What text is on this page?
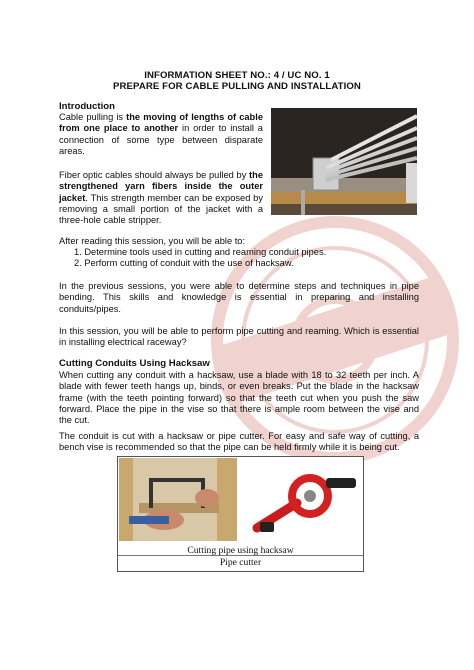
INFORMATION SHEET NO.: 4 / UC NO. 1
PREPARE FOR CABLE PULLING AND INSTALLATION
Introduction
Cable pulling is the moving of lengths of cable from one place to another in order to install a connection of some type between disparate areas.
Fiber optic cables should always be pulled by the strengthened yarn fibers inside the outer jacket. This strength member can be exposed by removing a small portion of the jacket with a three-hole cable stripper.
After reading this session, you will be able to:
1. Determine tools used in cutting and reaming conduit pipes.
2. Perform cutting of conduit with the use of hacksaw.
In the previous sessions, you were able to determine steps and techniques in pipe bending. This skills and knowledge is essential in preparing and installing conduits/pipes.
In this session, you will be able to perform pipe cutting and reaming. Which is essential in installing electrical raceway?
Cutting Conduits Using Hacksaw
When cutting any conduit with a hacksaw, use a blade with 18 to 32 teeth per inch. A blade with fewer teeth hangs up, binds, or even breaks. Put the blade in the hacksaw frame (with the teeth pointing forward) so that the teeth cut when you push the saw forward. Place the pipe in the vise so that there is ample room between the vise and the cut.
The conduit is cut with a hacksaw or pipe cutter. For easy and safe way of cutting, a bench vise is recommended so that the pipe can be held firmly while it is being cut.
Cutting pipe using hacksaw
Pipe cutter
